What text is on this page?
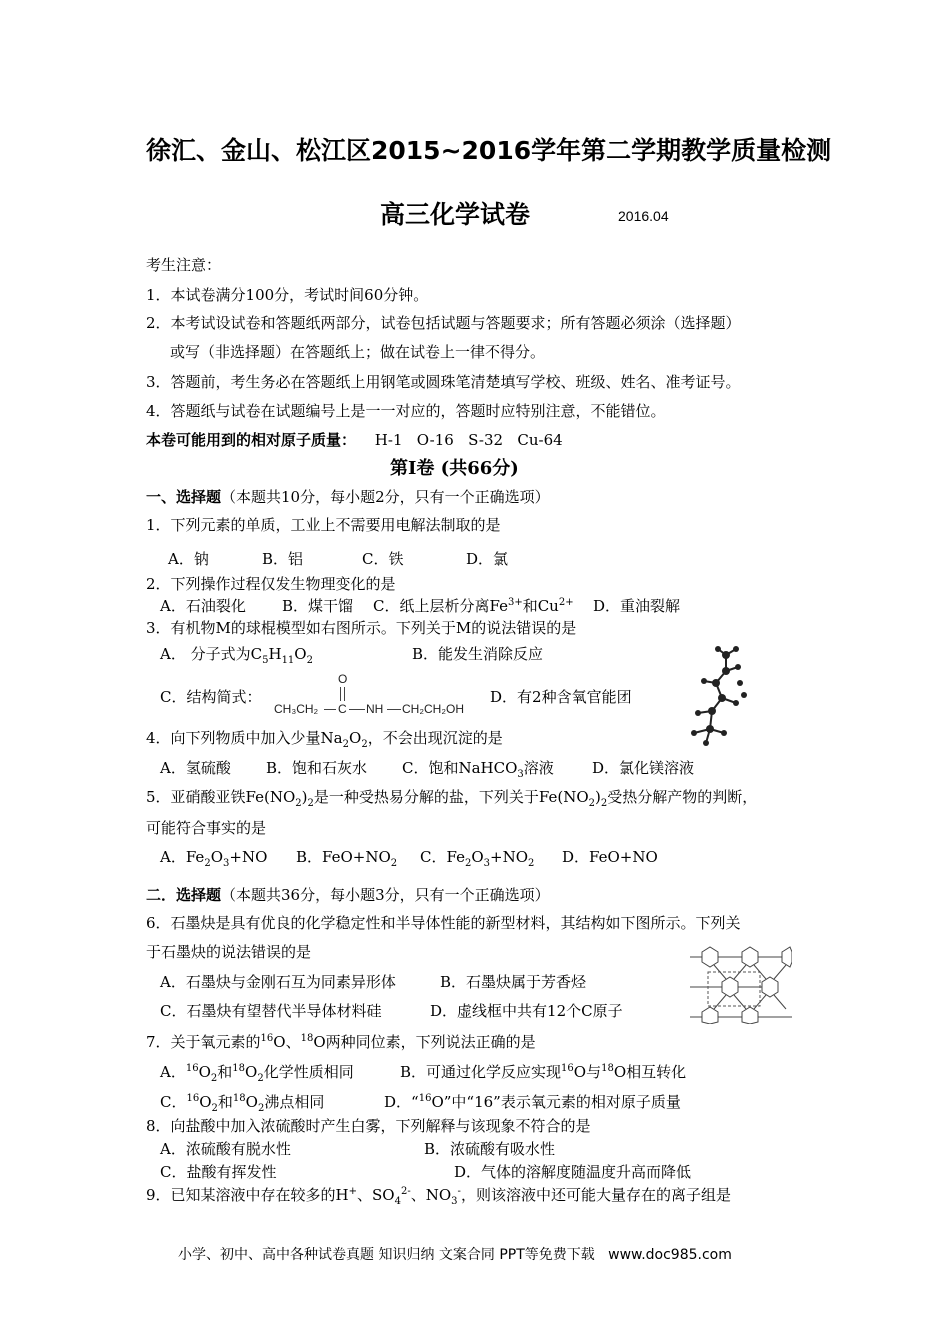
徐汇、金山、松江区2015~2016学年第二学期教学质量检测
高三化学试卷	2016.04
考生注意：
1．本试卷满分100分，考试时间60分钟。
2．本考试设试卷和答题纸两部分，试卷包括试题与答题要求；所有答题必须涂（选择题）
或写（非选择题）在答题纸上；做在试卷上一律不得分。
3．答题前，考生务必在答题纸上用钢笔或圆珠笔清楚填写学校、班级、姓名、准考证号。
4．答题纸与试卷在试题编号上是一一对应的，答题时应特别注意，不能错位。
本卷可能用到的相对原子质量： H-1   O-16   S-32   Cu-64
第Ⅰ卷 (共66分)
一、选择题（本题共10分，每小题2分，只有一个正确选项）
1．下列元素的单质，工业上不需要用电解法制取的是
A．钠	B．铝	C．铁	D．氯
2．下列操作过程仅发生物理变化的是
A．石油裂化 B．煤干馏 C．纸上层析分离$Fe^{3+}$和$Cu^{2+}$ D．重油裂解
3．有机物M的球棍模型如右图所示。下列关于M的说法错误的是
A． 分子式为$C_5H_{11}O_2$	B．能发生消除反应
C．结构简式：
O
CH₃CH₂ C NH CH₂CH₂OH
D．有2种含氧官能团
4．向下列物质中加入少量$Na_2O_2$，不会出现沉淀的是
A．氢硫酸 B．饱和石灰水 C．饱和NaHCO$_3$溶液	D．氯化镁溶液
5．亚硝酸亚铁$Fe(NO_2)_2$是一种受热易分解的盐，下列关于$Fe(NO_2)_2$受热分解产物的判断，
可能符合事实的是
A．$Fe_2O_3+NO$ B．$FeO+NO_2$ C．$Fe_2O_3+NO_2$ D．FeO+NO
二．选择题（本题共36分，每小题3分，只有一个正确选项）
6．石墨炔是具有优良的化学稳定性和半导体性能的新型材料，其结构如下图所示。下列关
于石墨炔的说法错误的是
A．石墨炔与金刚石互为同素异形体	B．石墨炔属于芳香烃
C．石墨炔有望替代半导体材料硅	D．虚线框中共有12个C原子
7．关于氧元素的$^{16}$O、$^{18}$O两种同位素，下列说法正确的是
A．$^{16}O_2$和$^{18}O_2$化学性质相同	B．可通过化学反应实现$^{16}$O与$^{18}$O相互转化
C．$^{16}O_2$和$^{18}O_2$沸点相同	D．“$^{16}$O”中“16”表示氧元素的相对原子质量
8．向盐酸中加入浓硫酸时产生白雾，下列解释与该现象不符合的是
A．浓硫酸有脱水性	B．浓硫酸有吸水性
C．盐酸有挥发性	D．气体的溶解度随温度升高而降低
9．已知某溶液中存在较多的H+、$SO_4^{2-}$、$NO_3^-$，则该溶液中还可能大量存在的离子组是
小学、初中、高中各种试卷真题 知识归纳 文案合同 PPT等免费下载   www.doc985.com
